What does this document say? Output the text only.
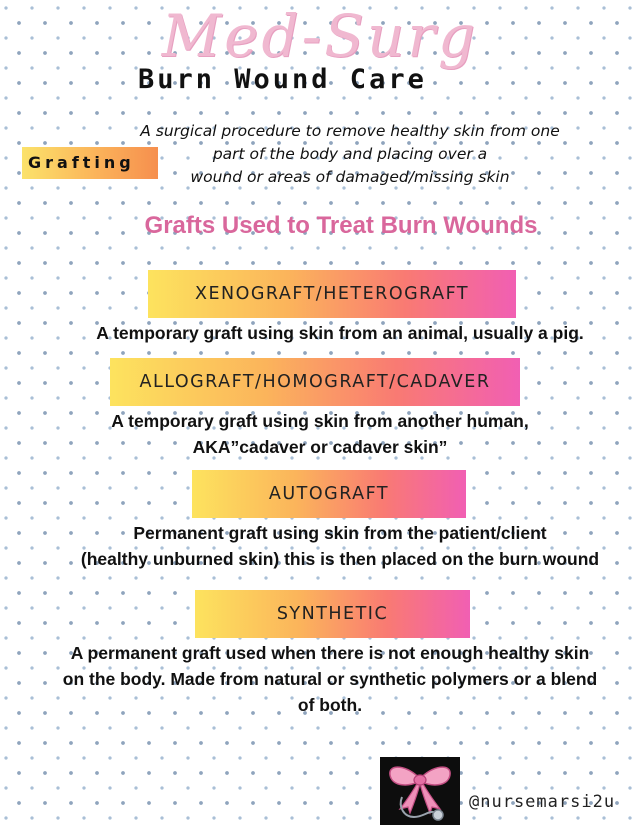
Med-Surg
Burn Wound Care
Grafting
A surgical procedure to remove healthy skin from one
part of the body and placing over a
wound or areas of damaged/missing skin
Grafts Used to Treat Burn Wounds
XENOGRAFT/HETEROGRAFT
A temporary graft using skin from an animal, usually a pig.
ALLOGRAFT/HOMOGRAFT/CADAVER
A temporary graft using skin from another human,
AKA”cadaver or cadaver skin”
AUTOGRAFT
Permanent graft using skin from the patient/client
(healthy unburned skin) this is then placed on the burn wound
SYNTHETIC
A permanent graft used when there is not enough healthy skin
on the body. Made from natural or synthetic polymers or a blend
of both.
@nursemarsi2u
